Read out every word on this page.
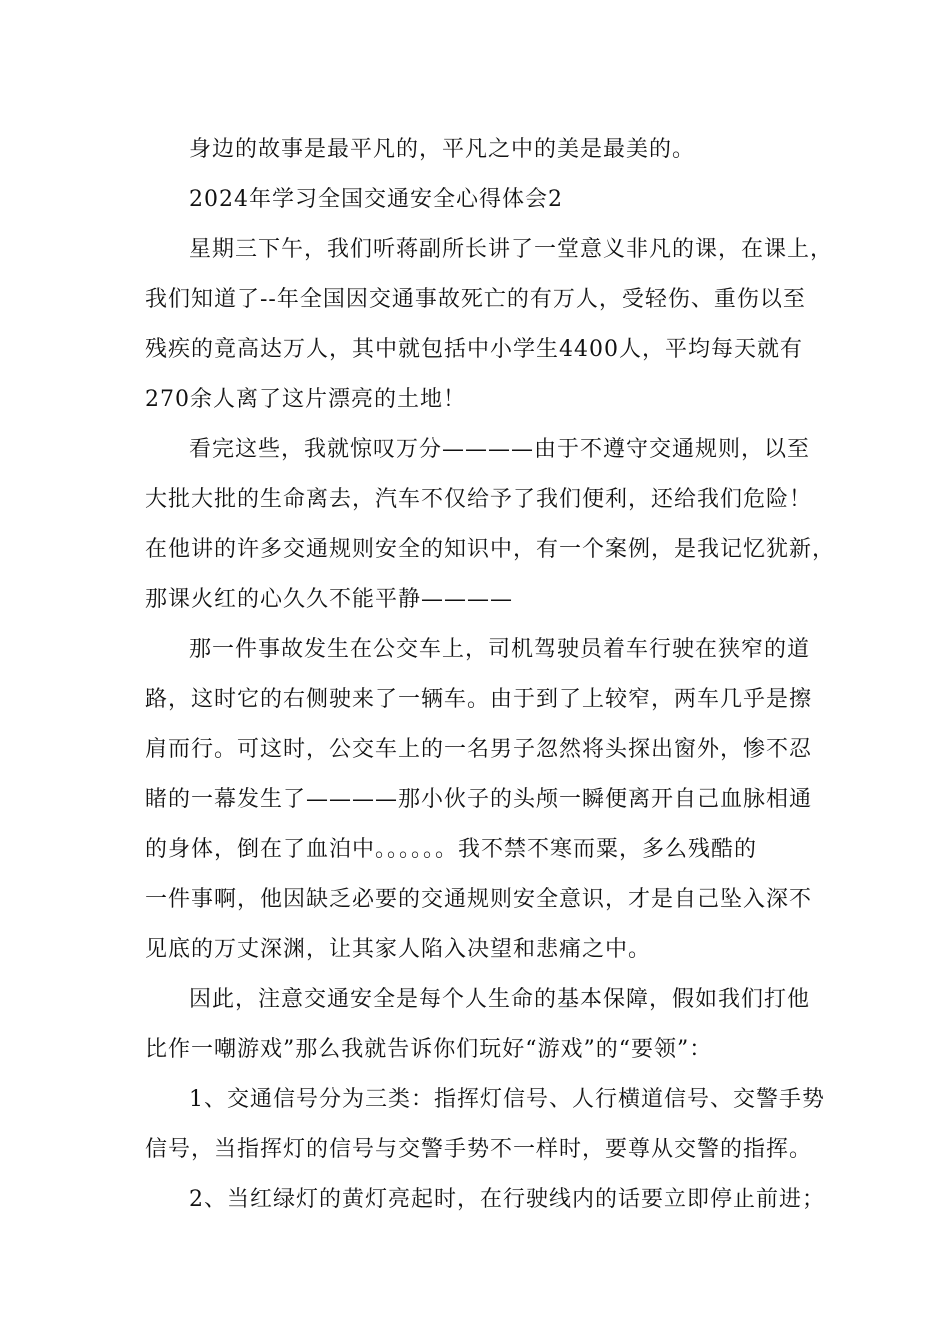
身边的故事是最平凡的，平凡之中的美是最美的。
2024年学习全国交通安全心得体会2
星期三下午，我们听蒋副所长讲了一堂意义非凡的课，在课上，
我们知道了--年全国因交通事故死亡的有万人，受轻伤、重伤以至
残疾的竟高达万人，其中就包括中小学生4400人，平均每天就有
270余人离了这片漂亮的土地！
看完这些，我就惊叹万分————由于不遵守交通规则，以至
大批大批的生命离去，汽车不仅给予了我们便利，还给我们危险！
在他讲的许多交通规则安全的知识中，有一个案例，是我记忆犹新，
那课火红的心久久不能平静————
那一件事故发生在公交车上，司机驾驶员着车行驶在狭窄的道
路，这时它的右侧驶来了一辆车。由于到了上较窄，两车几乎是擦
肩而行。可这时，公交车上的一名男子忽然将头探出窗外，惨不忍
睹的一幕发生了————那小伙子的头颅一瞬便离开自己血脉相通
的身体，倒在了血泊中。。。。。。我不禁不寒而粟，多么残酷的
一件事啊，他因缺乏必要的交通规则安全意识，才是自己坠入深不
见底的万丈深渊，让其家人陷入决望和悲痛之中。
因此，注意交通安全是每个人生命的基本保障，假如我们打他
比作一嘲游戏”那么我就告诉你们玩好“游戏”的“要领”：
1、交通信号分为三类：指挥灯信号、人行横道信号、交警手势
信号，当指挥灯的信号与交警手势不一样时，要尊从交警的指挥。
2、当红绿灯的黄灯亮起时，在行驶线内的话要立即停止前进；
